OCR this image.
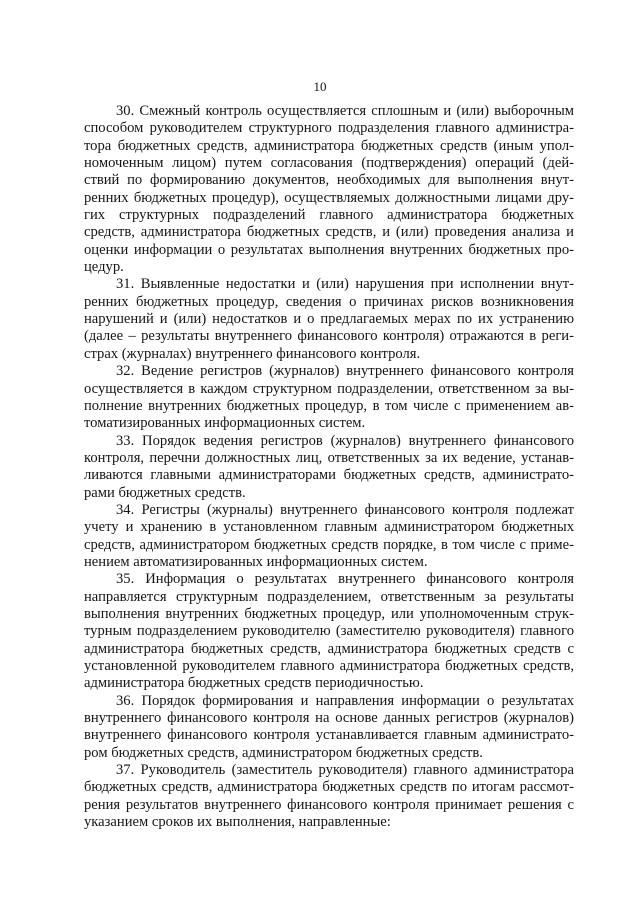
10

30. Смежный контроль осуществляется сплошным и (или) выборочным способом руководителем структурного подразделения главного администратора бюджетных средств, администратора бюджетных средств (иным уполномоченным лицом) путем согласования (подтверждения) операций (действий по формированию документов, необходимых для выполнения внутренних бюджетных процедур), осуществляемых должностными лицами других структурных подразделений главного администратора бюджетных средств, администратора бюджетных средств, и (или) проведения анализа и оценки информации о результатах выполнения внутренних бюджетных процедур.

31. Выявленные недостатки и (или) нарушения при исполнении внутренних бюджетных процедур, сведения о причинах рисков возникновения нарушений и (или) недостатков и о предлагаемых мерах по их устранению (далее – результаты внутреннего финансового контроля) отражаются в регистрах (журналах) внутреннего финансового контроля.

32. Ведение регистров (журналов) внутреннего финансового контроля осуществляется в каждом структурном подразделении, ответственном за выполнение внутренних бюджетных процедур, в том числе с применением автоматизированных информационных систем.

33. Порядок ведения регистров (журналов) внутреннего финансового контроля, перечни должностных лиц, ответственных за их ведение, устанавливаются главными администраторами бюджетных средств, администраторами бюджетных средств.

34. Регистры (журналы) внутреннего финансового контроля подлежат учету и хранению в установленном главным администратором бюджетных средств, администратором бюджетных средств порядке, в том числе с применением автоматизированных информационных систем.

35. Информация о результатах внутреннего финансового контроля направляется структурным подразделением, ответственным за результаты выполнения внутренних бюджетных процедур, или уполномоченным структурным подразделением руководителю (заместителю руководителя) главного администратора бюджетных средств, администратора бюджетных средств с установленной руководителем главного администратора бюджетных средств, администратора бюджетных средств периодичностью.

36. Порядок формирования и направления информации о результатах внутреннего финансового контроля на основе данных регистров (журналов) внутреннего финансового контроля устанавливается главным администратором бюджетных средств, администратором бюджетных средств.

37. Руководитель (заместитель руководителя) главного администратора бюджетных средств, администратора бюджетных средств по итогам рассмотрения результатов внутреннего финансового контроля принимает решения с указанием сроков их выполнения, направленные:
